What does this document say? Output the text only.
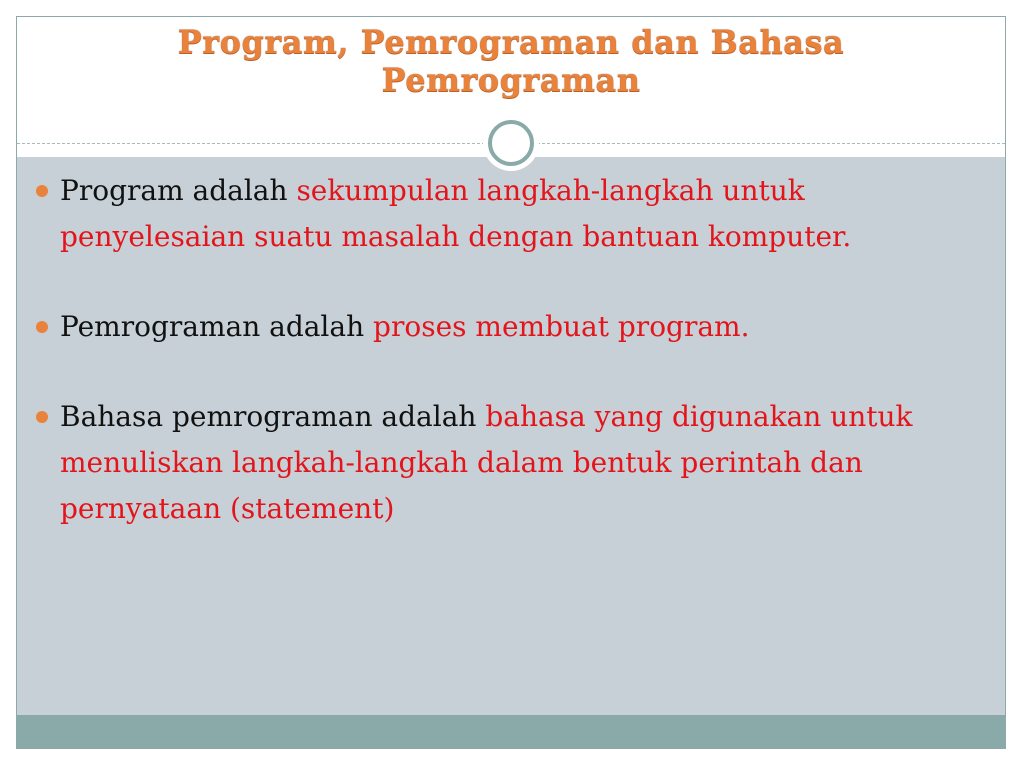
Program, Pemrograman dan Bahasa
Pemrograman
Program adalah sekumpulan langkah-langkah untuk penyelesaian suatu masalah dengan bantuan komputer.
Pemrograman adalah proses membuat program.
Bahasa pemrograman adalah bahasa yang digunakan untuk menuliskan langkah-langkah dalam bentuk perintah dan pernyataan (statement)
